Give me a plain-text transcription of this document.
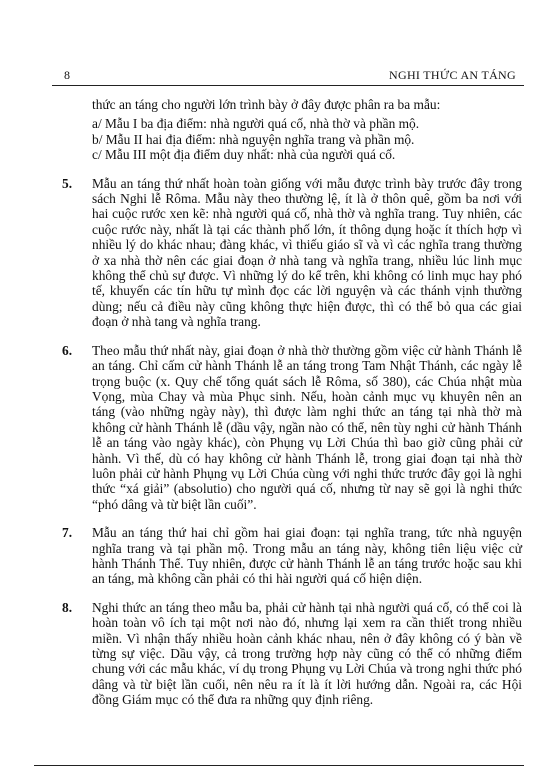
8	NGHI THỨC AN TÁNG

thức an táng cho người lớn trình bày ở đây được phân ra ba mẫu:

a/ Mẫu I ba địa điểm: nhà người quá cố, nhà thờ và phần mộ.

b/ Mẫu II hai địa điểm: nhà nguyện nghĩa trang và phần mộ.

c/ Mẫu III một địa điểm duy nhất: nhà của người quá cố.

5. Mẫu an táng thứ nhất hoàn toàn giống với mẫu được trình bày trước đây trong sách Nghi lễ Rôma. Mẫu này theo thường lệ, ít là ở thôn quê, gồm ba nơi với hai cuộc rước xen kẽ: nhà người quá cố, nhà thờ và nghĩa trang. Tuy nhiên, các cuộc rước này, nhất là tại các thành phố lớn, ít thông dụng hoặc ít thích hợp vì nhiều lý do khác nhau; đàng khác, vì thiếu giáo sĩ và vì các nghĩa trang thường ở xa nhà thờ nên các giai đoạn ở nhà tang và nghĩa trang, nhiều lúc linh mục không thể chủ sự được. Vì những lý do kể trên, khi không có linh mục hay phó tế, khuyến các tín hữu tự mình đọc các lời nguyện và các thánh vịnh thường dùng; nếu cả điều này cũng không thực hiện được, thì có thể bỏ qua các giai đoạn ở nhà tang và nghĩa trang.

6. Theo mẫu thứ nhất này, giai đoạn ở nhà thờ thường gồm việc cử hành Thánh lễ an táng. Chỉ cấm cử hành Thánh lễ an táng trong Tam Nhật Thánh, các ngày lễ trọng buộc (x. Quy chế tổng quát sách lễ Rôma, số 380), các Chúa nhật mùa Vọng, mùa Chay và mùa Phục sinh. Nếu, hoàn cảnh mục vụ khuyên nên an táng (vào những ngày này), thì được làm nghi thức an táng tại nhà thờ mà không cử hành Thánh lễ (dầu vậy, ngần nào có thể, nên tùy nghi cử hành Thánh lễ an táng vào ngày khác), còn Phụng vụ Lời Chúa thì bao giờ cũng phải cử hành. Vì thế, dù có hay không cử hành Thánh lễ, trong giai đoạn tại nhà thờ luôn phải cử hành Phụng vụ Lời Chúa cùng với nghi thức trước đây gọi là nghi thức “xá giải” (absolutio) cho người quá cố, nhưng từ nay sẽ gọi là nghi thức “phó dâng và từ biệt lần cuối”.

7. Mẫu an táng thứ hai chỉ gồm hai giai đoạn: tại nghĩa trang, tức nhà nguyện nghĩa trang và tại phần mộ. Trong mẫu an táng này, không tiên liệu việc cử hành Thánh Thể. Tuy nhiên, được cử hành Thánh lễ an táng trước hoặc sau khi an táng, mà không cần phải có thi hài người quá cố hiện diện.

8. Nghi thức an táng theo mẫu ba, phải cử hành tại nhà người quá cố, có thể coi là hoàn toàn vô ích tại một nơi nào đó, nhưng lại xem ra cần thiết trong nhiều miền. Vì nhận thấy nhiều hoàn cảnh khác nhau, nên ở đây không có ý bàn về từng sự việc. Dầu vậy, cả trong trường hợp này cũng có thể có những điểm chung với các mẫu khác, ví dụ trong Phụng vụ Lời Chúa và trong nghi thức phó dâng và từ biệt lần cuối, nên nêu ra ít là ít lời hướng dẫn. Ngoài ra, các Hội đồng Giám mục có thể đưa ra những quy định riêng.
